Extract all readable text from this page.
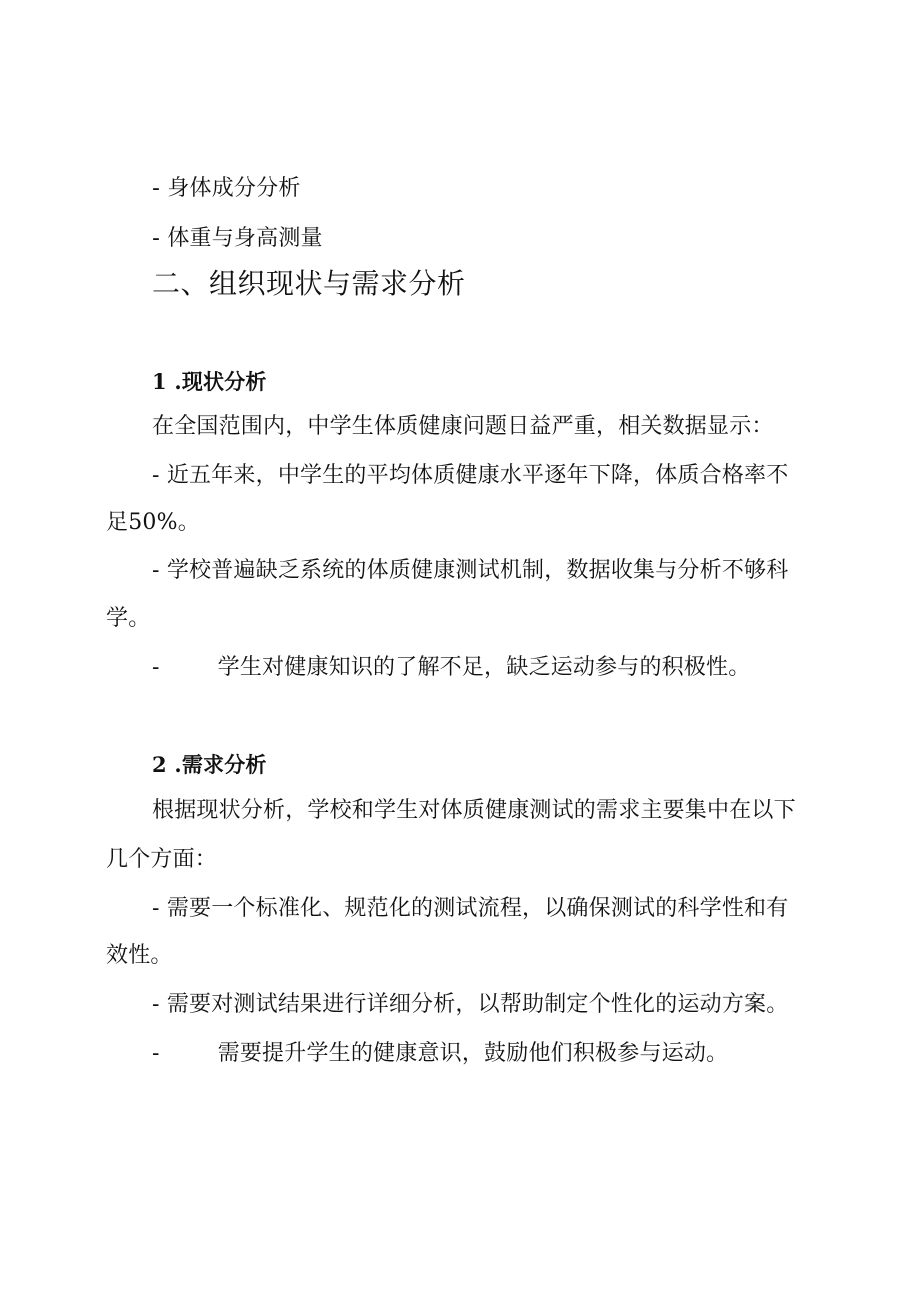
- 身体成分分析
- 体重与身高测量
二、组织现状与需求分析
1 .现状分析
在全国范围内，中学生体质健康问题日益严重，相关数据显示：
- 近五年来，中学生的平均体质健康水平逐年下降，体质合格率不
足50%。
- 学校普遍缺乏系统的体质健康测试机制，数据收集与分析不够科
学。
-	学生对健康知识的了解不足，缺乏运动参与的积极性。
2 .需求分析
根据现状分析，学校和学生对体质健康测试的需求主要集中在以下
几个方面：
- 需要一个标准化、规范化的测试流程，以确保测试的科学性和有
效性。
- 需要对测试结果进行详细分析，以帮助制定个性化的运动方案。
-	需要提升学生的健康意识，鼓励他们积极参与运动。
